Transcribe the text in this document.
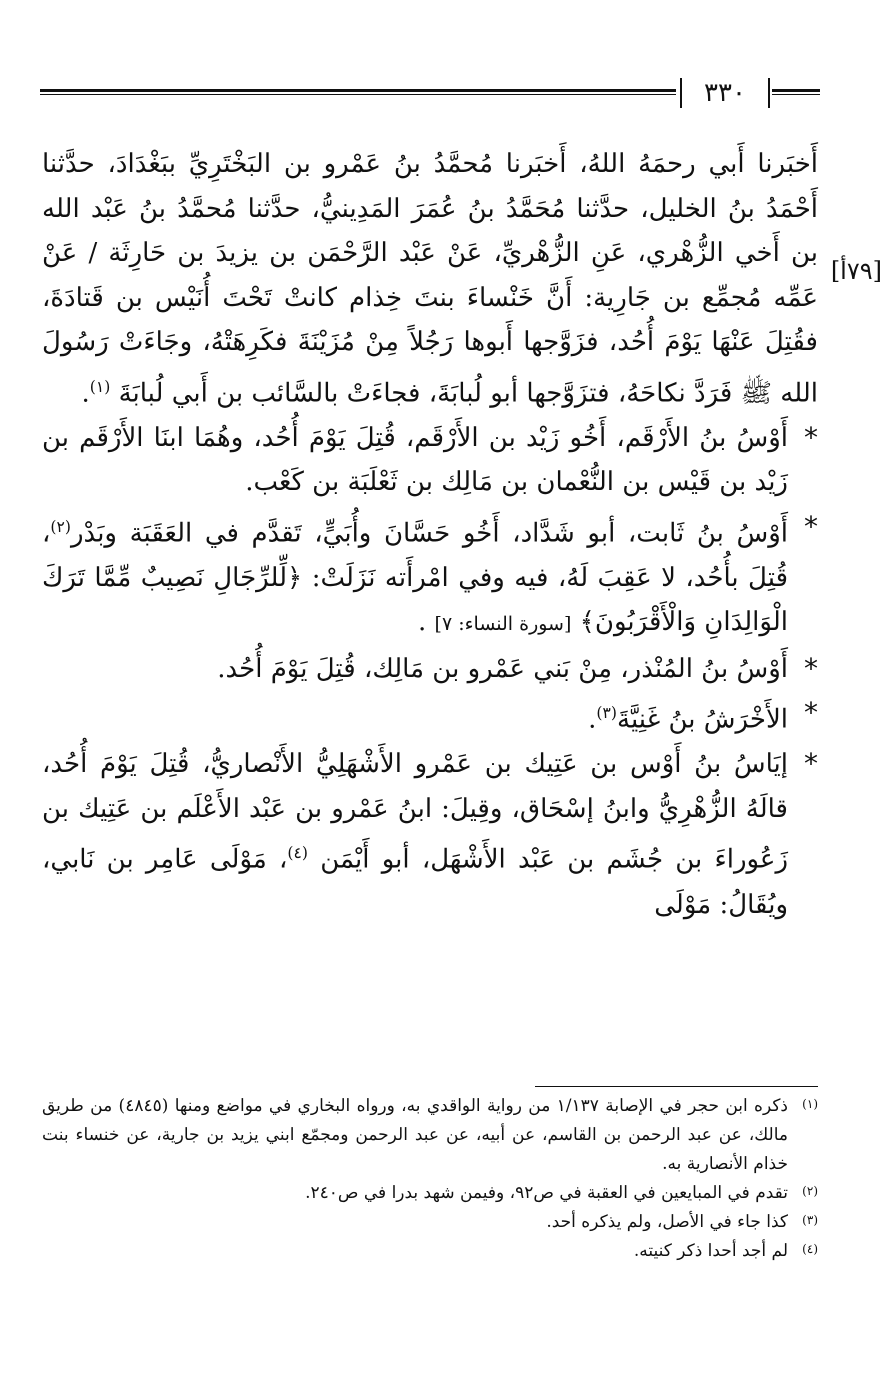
٣٣٠
[٧٩أ]

أَخبَرنا أَبي رحمَهُ اللهُ، أَخبَرنا مُحمَّدُ بنُ عَمْرو بن البَخْتَرِيِّ ببَغْدَادَ، حدَّثنا أَحْمَدُ بنُ الخليل، حدَّثنا مُحَمَّدُ بنُ عُمَرَ المَدِينيُّ، حدَّثنا مُحمَّدُ بنُ عَبْد الله بن أَخي الزُّهْري، عَنِ الزُّهْريِّ، عَنْ عَبْد الرَّحْمَن بن يزيدَ بن حَارِثَة / عَنْ عَمِّه مُجمِّع بن جَارِية: أَنَّ خَنْساءَ بنتَ خِذام كانتْ تَحْتَ أُنَيْس بن قَتادَةَ، فقُتِلَ عَنْهَا يَوْمَ أُحُد، فزَوَّجها أَبوها رَجُلاً مِنْ مُزَيْنَةَ فكَرِهَتْهُ، وجَاءَتْ رَسُولَ الله ﷺ فَرَدَّ نكاحَهُ، فتزَوَّجها أبو لُبابَةَ، فجاءَتْ بالسَّائب بن أَبي لُبابَةَ $^{(١)}$.

*
أَوْسُ بنُ الأَرْقَم، أَخُو زَيْد بن الأَرْقَم، قُتِلَ يَوْمَ أُحُد، وهُمَا ابنَا الأَرْقَم بن زَيْد بن قَيْس بن النُّعْمان بن مَالِك بن ثَعْلَبَة بن كَعْب.

*
أَوْسُ بنُ ثَابت، أبو شَدَّاد، أَخُو حَسَّانَ وأُبَيٍّ، تَقدَّم في العَقَبَة وبَدْر$^{(٢)}$، قُتِلَ بأُحُد، لا عَقِبَ لَهُ، فيه وفي امْرأَته نَزَلَتْ: ﴿لِّلرِّجَالِ نَصِيبٌ مِّمَّا تَرَكَ الْوَالِدَانِ وَالْأَقْرَبُونَ﴾ [سورة النساء: ٧] .

*
أَوْسُ بنُ المُنْذر، مِنْ بَني عَمْرو بن مَالِك، قُتِلَ يَوْمَ أُحُد.

*
الأَخْرَشُ بنُ غَنِيَّةَ$^{(٣)}$.

*
إيَاسُ بنُ أَوْس بن عَتِيك بن عَمْرو الأَشْهَلِيُّ الأَنْصاريُّ، قُتِلَ يَوْمَ أُحُد، قالَهُ الزُّهْرِيُّ وابنُ إسْحَاق، وقِيلَ: ابنُ عَمْرو بن عَبْد الأَعْلَم بن عَتِيك بن زَعُوراءَ بن جُشَم بن عَبْد الأَشْهَل، أبو أَيْمَن $^{(٤)}$، مَوْلَى عَامِر بن نَابي، ويُقَالُ: مَوْلَى

(١)
ذكره ابن حجر في الإصابة ١/١٣٧ من رواية الواقدي به، ورواه البخاري في مواضع ومنها (٤٨٤٥) من طريق مالك، عن عبد الرحمن بن القاسم، عن أبيه، عن عبد الرحمن ومجمّع ابني يزيد بن جارية، عن خنساء بنت خذام الأنصارية به.

(٢)
تقدم في المبايعين في العقبة في ص٩٢، وفيمن شهد بدرا في ص٢٤٠.

(٣)
كذا جاء في الأصل، ولم يذكره أحد.

(٤)
لم أجد أحدا ذكر كنيته.
